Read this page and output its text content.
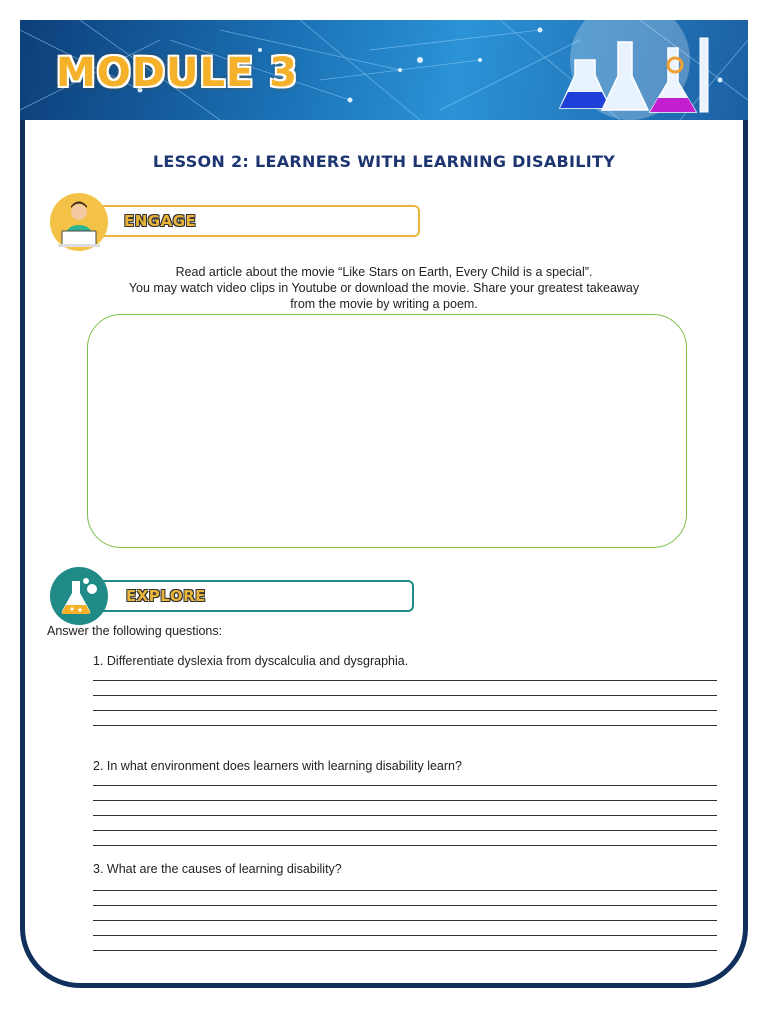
MODULE 3
LESSON 2: LEARNERS WITH LEARNING DISABILITY
ENGAGE
Read article about the movie “Like Stars on Earth, Every Child is a special”.
You may watch video clips in Youtube or download the movie. Share your greatest takeaway
from the movie by writing a poem.
EXPLORE
Answer the following questions:
1. Differentiate dyslexia from dyscalculia and dysgraphia.
2. In what environment does learners with learning disability learn?
3. What are the causes of learning disability?
